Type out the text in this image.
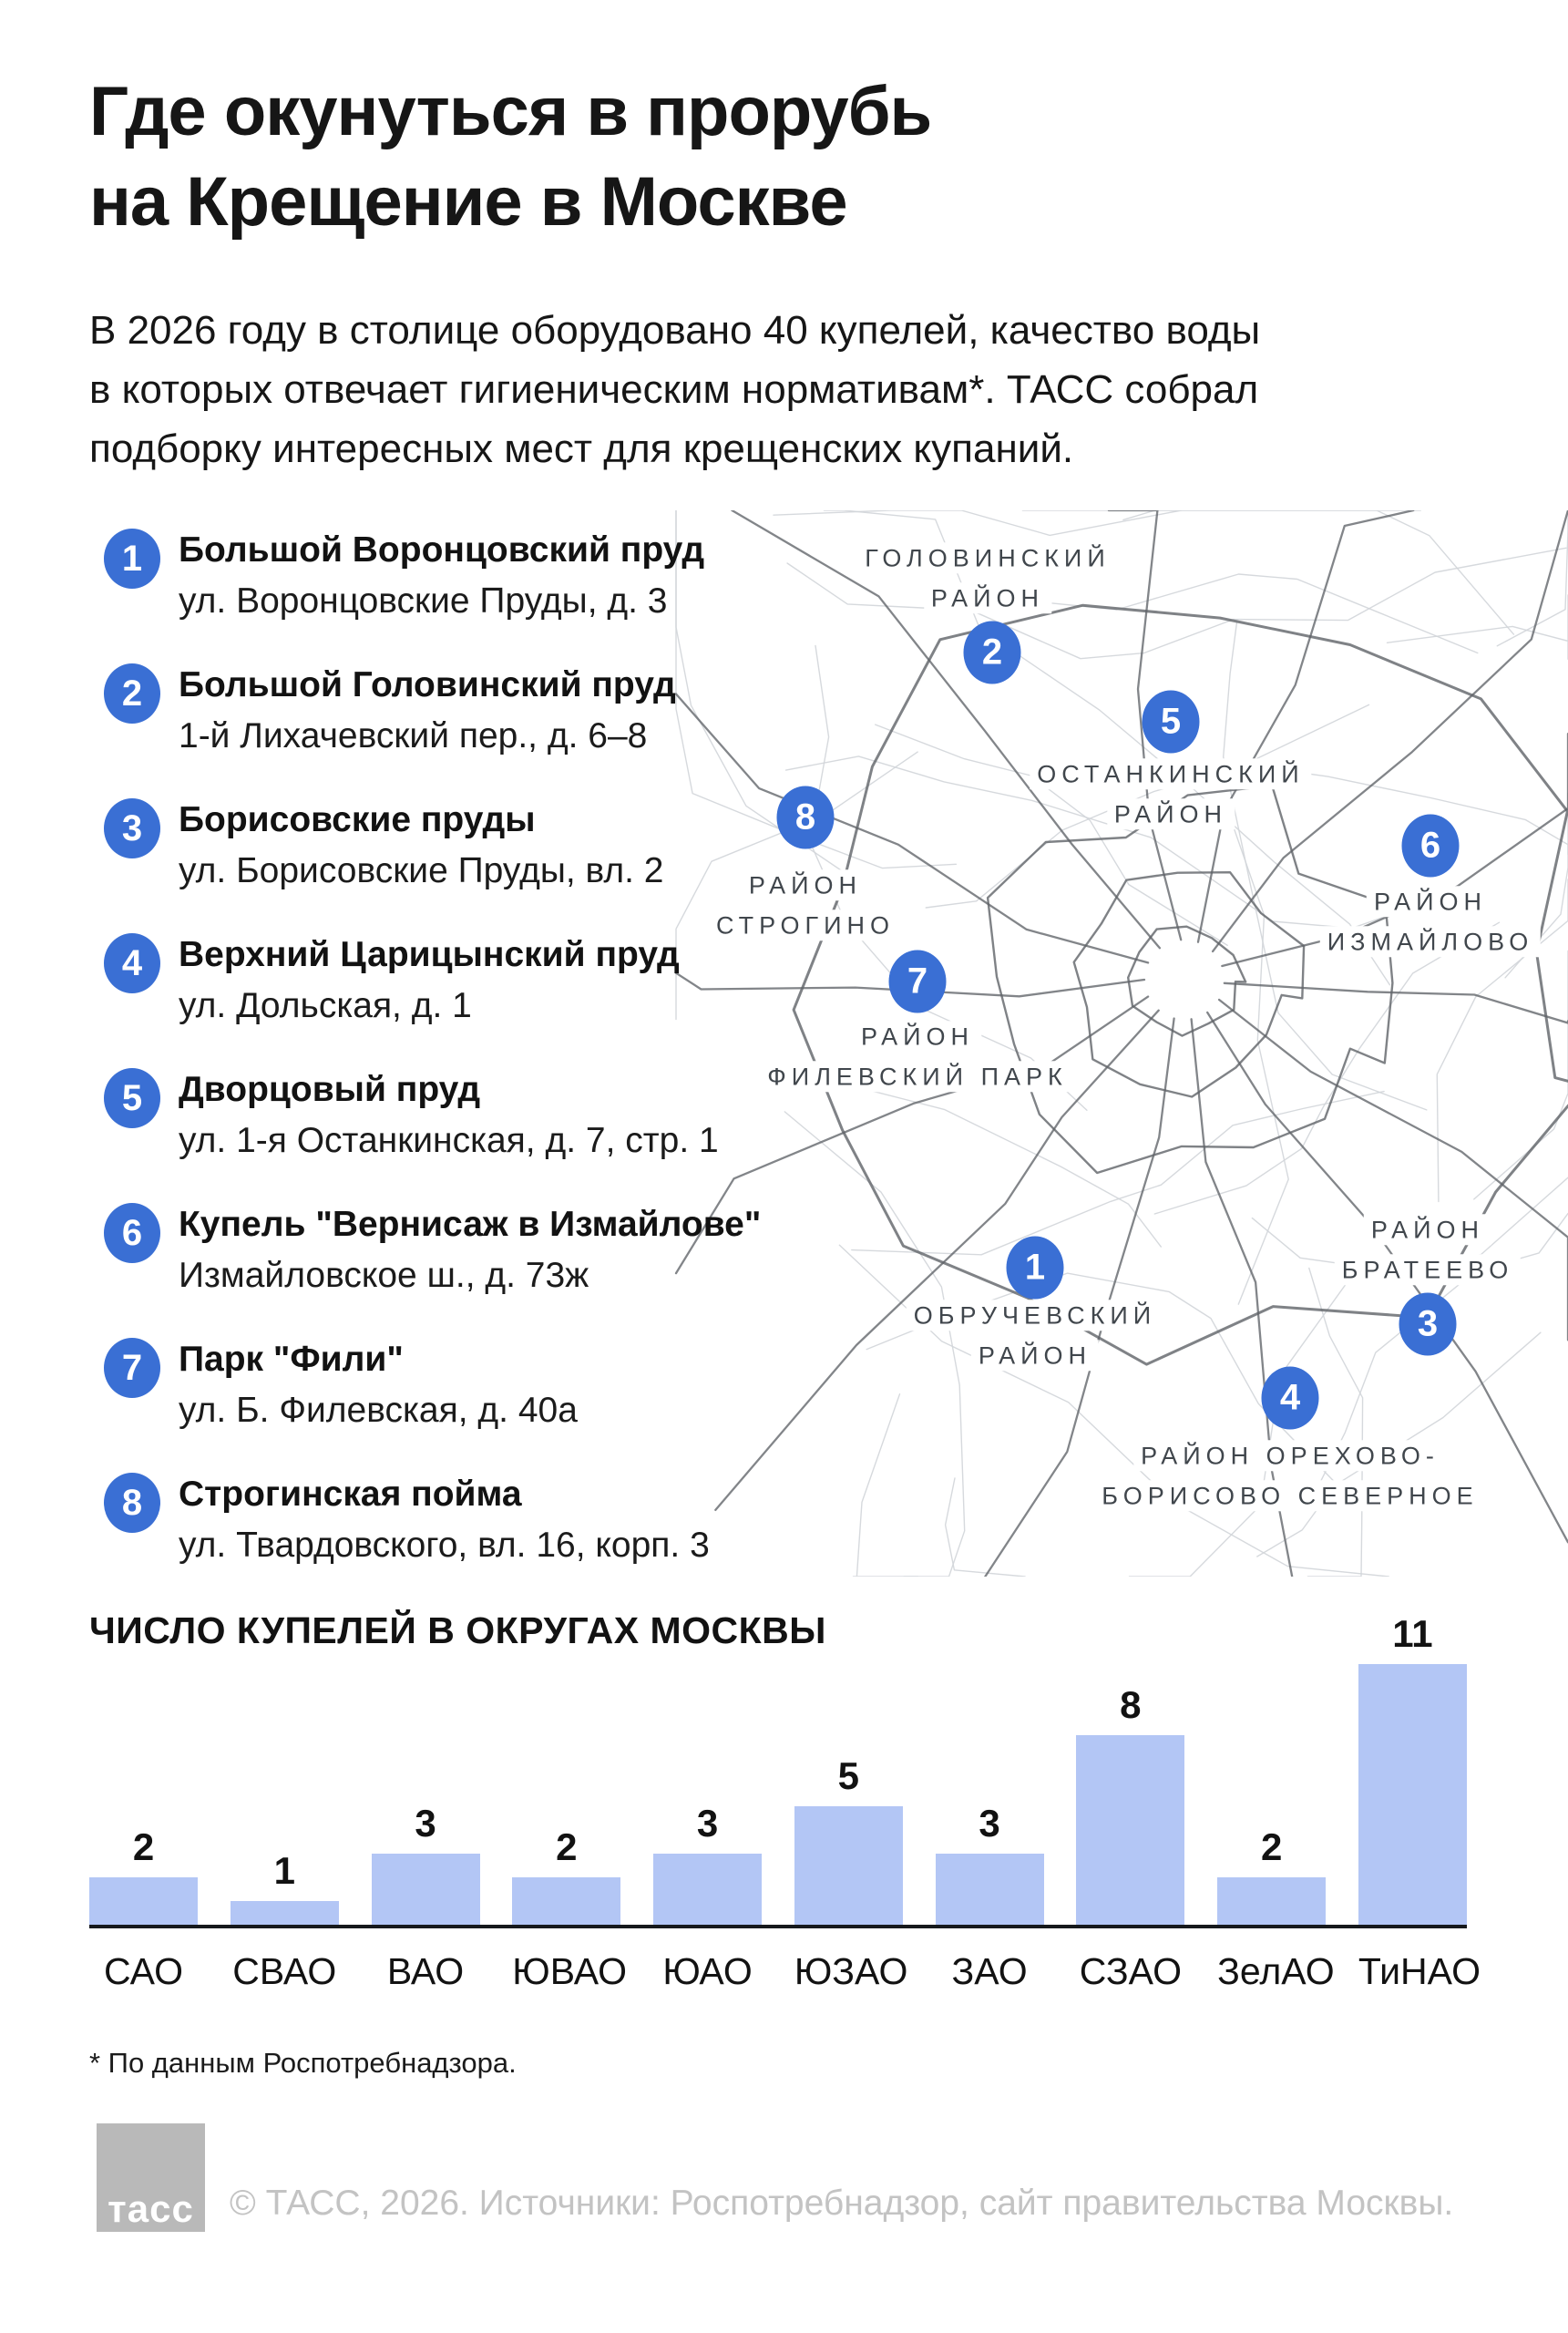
Где окунуться в прорубь
на Крещение в Москве

В 2026 году в столице оборудовано 40 купелей, качество воды
в которых отвечает гигиеническим нормативам*. ТАСС собрал
подборку интересных мест для крещенских купаний.

ГОЛОВИНСКИЙ
РАЙОН
ОСТАНКИНСКИЙ
РАЙОН
РАЙОН
СТРОГИНО
РАЙОН
ИЗМАЙЛОВО
РАЙОН
ФИЛЕВСКИЙ ПАРК
РАЙОН
БРАТЕЕВО
ОБРУЧЕВСКИЙ
РАЙОН
РАЙОН ОРЕХОВО-
БОРИСОВО СЕВЕРНОЕ
2
5
8
6
7
1
3
4
1	Большой Воронцовский пруд
ул. Воронцовские Пруды, д. 3
2	Большой Головинский пруд
1-й Лихачевский пер., д. 6–8
3	Борисовские пруды
ул. Борисовские Пруды, вл. 2
4	Верхний Царицынский пруд
ул. Дольская, д. 1
5	Дворцовый пруд
ул. 1-я Останкинская, д. 7, стр. 1
6	Купель "Вернисаж в Измайлове"
Измайловское ш., д. 73ж
7	Парк "Фили"
ул. Б. Филевская, д. 40а
8	Строгинская пойма
ул. Твардовского, вл. 16, корп. 3
ЧИСЛО КУПЕЛЕЙ В ОКРУГАХ МОСКВЫ
2
1
3
2
3
5
3
8
2
11
САО	СВАО	ВАО	ЮВАО ЮАО ЮЗАО	ЗАО	СЗАО ЗелАО ТиНАО

* По данным Роспотребнадзора.

тасс	© ТАСС, 2026. Источники: Роспотребнадзор, сайт правительства Москвы.
